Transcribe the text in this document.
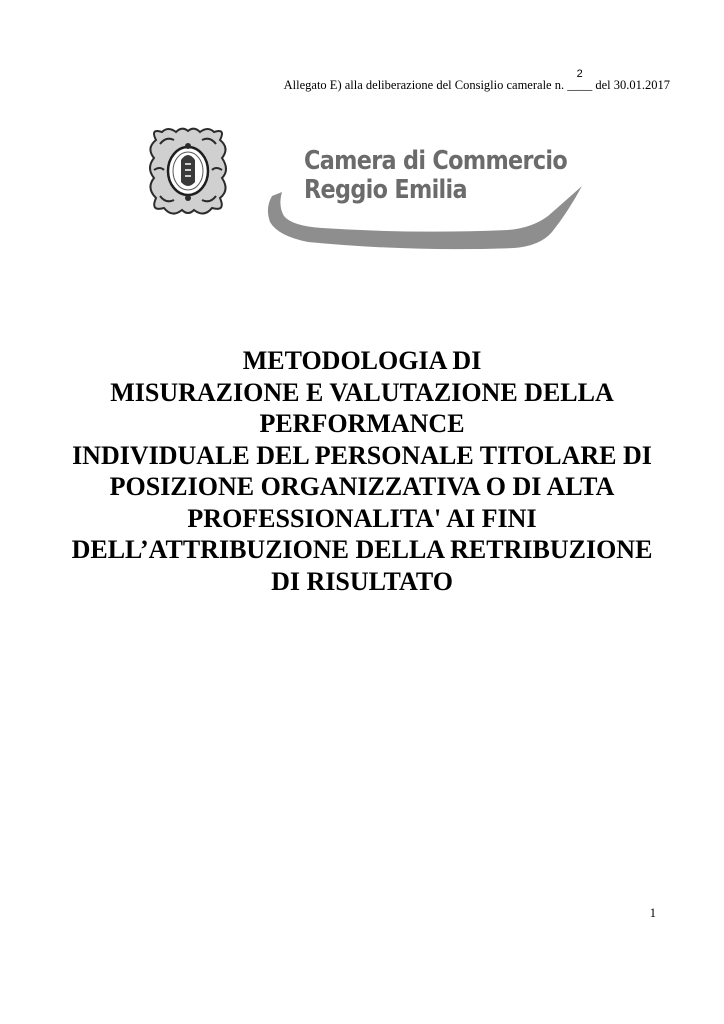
Allegato E) alla deliberazione del Consiglio camerale n.
2
____ del 30.01.2017
Camera di Commercio
Reggio Emilia
METODOLOGIA DI
MISURAZIONE E VALUTAZIONE DELLA
PERFORMANCE
INDIVIDUALE DEL PERSONALE TITOLARE DI
POSIZIONE ORGANIZZATIVA O DI ALTA
PROFESSIONALITA' AI FINI
DELL’ATTRIBUZIONE DELLA RETRIBUZIONE
DI RISULTATO
1
